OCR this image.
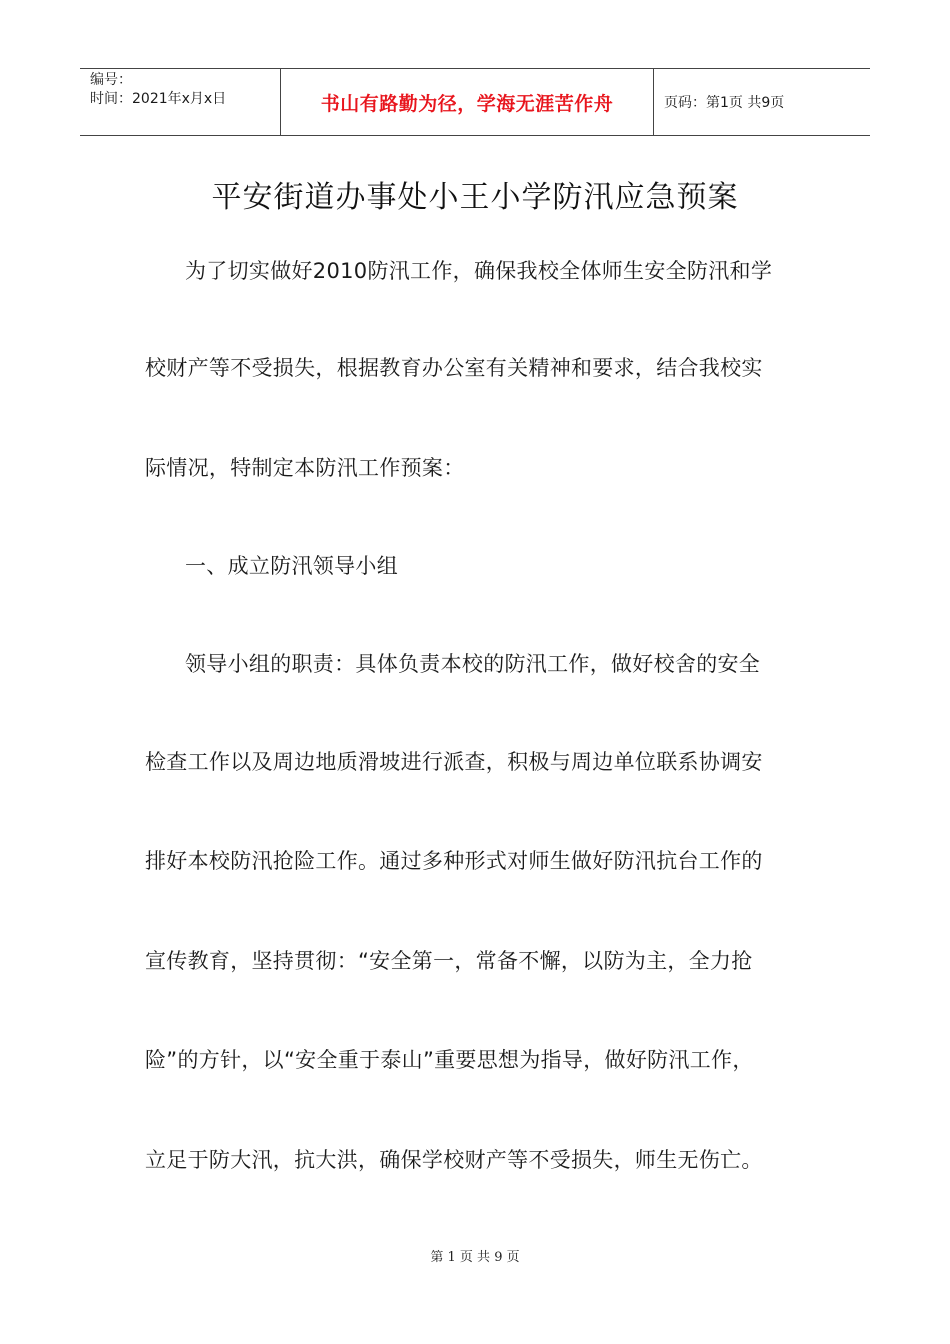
编号：
时间：2021年x月x日	书山有路勤为径，学海无涯苦作舟	页码：第1页 共9页
平安街道办事处小王小学防汛应急预案
为了切实做好2010防汛工作，确保我校全体师生安全防汛和学
校财产等不受损失，根据教育办公室有关精神和要求，结合我校实
际情况，特制定本防汛工作预案：
一、成立防汛领导小组
领导小组的职责：具体负责本校的防汛工作，做好校舍的安全
检查工作以及周边地质滑坡进行派查，积极与周边单位联系协调安
排好本校防汛抢险工作。通过多种形式对师生做好防汛抗台工作的
宣传教育，坚持贯彻：“安全第一，常备不懈，以防为主，全力抢
险”的方针，以“安全重于泰山”重要思想为指导，做好防汛工作，
立足于防大汛，抗大洪，确保学校财产等不受损失，师生无伤亡。
第 1 页 共 9 页
